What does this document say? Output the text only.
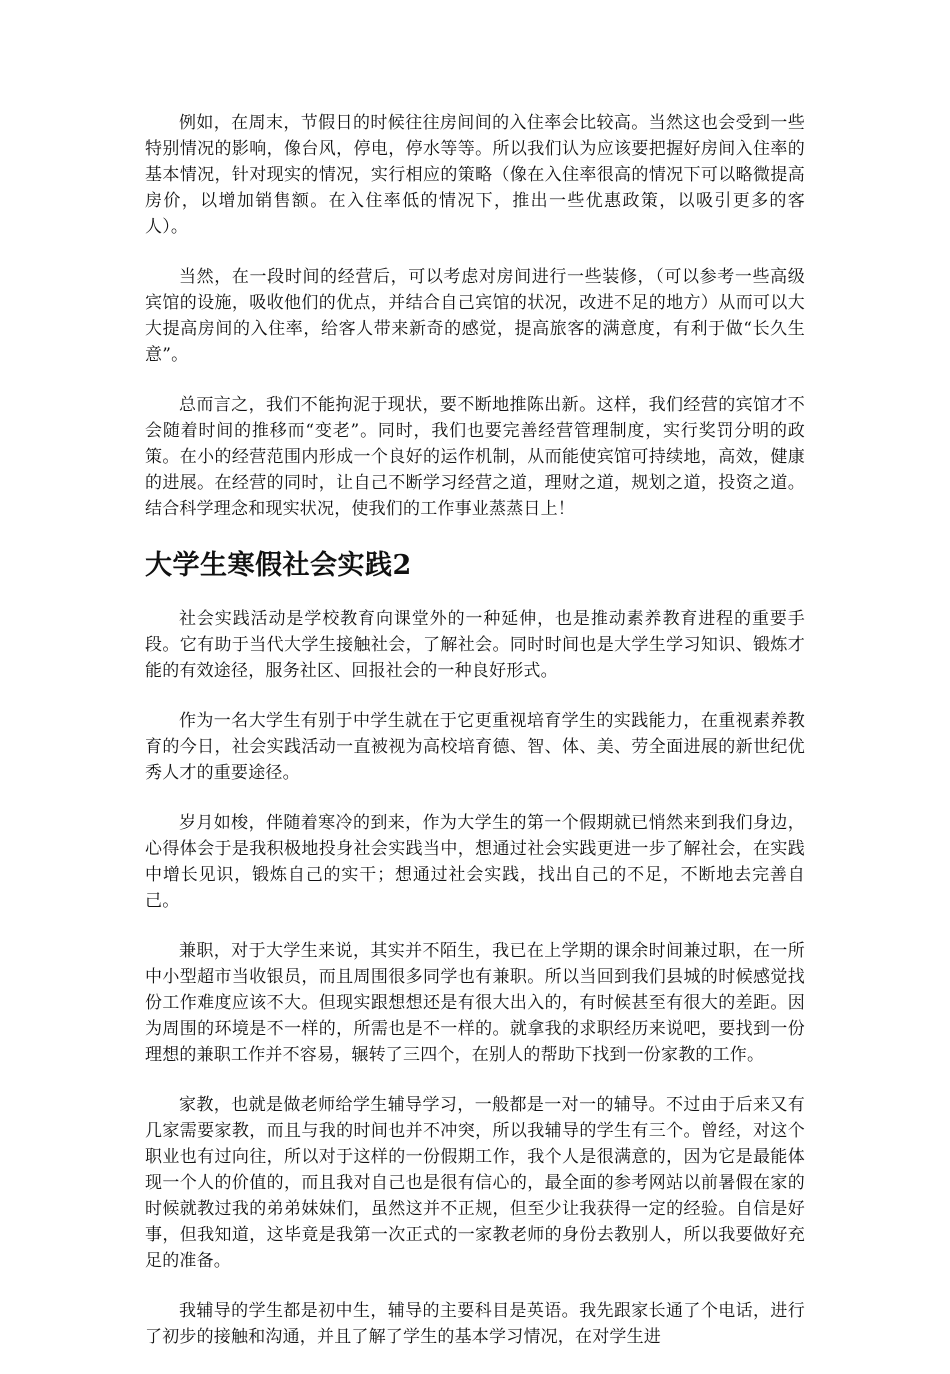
例如，在周末，节假日的时候往往房间间的入住率会比较高。当然这也会受到一些特别情况的影响，像台风，停电，停水等等。所以我们认为应该要把握好房间入住率的基本情况，针对现实的情况，实行相应的策略（像在入住率很高的情况下可以略微提高房价，以增加销售额。在入住率低的情况下，推出一些优惠政策，以吸引更多的客人）。

当然，在一段时间的经营后，可以考虑对房间进行一些装修，（可以参考一些高级宾馆的设施，吸收他们的优点，并结合自己宾馆的状况，改进不足的地方）从而可以大大提高房间的入住率，给客人带来新奇的感觉，提高旅客的满意度，有利于做“长久生意”。

总而言之，我们不能拘泥于现状，要不断地推陈出新。这样，我们经营的宾馆才不会随着时间的推移而“变老”。同时，我们也要完善经营管理制度，实行奖罚分明的政策。在小的经营范围内形成一个良好的运作机制，从而能使宾馆可持续地，高效，健康的进展。在经营的同时，让自己不断学习经营之道，理财之道，规划之道，投资之道。结合科学理念和现实状况，使我们的工作事业蒸蒸日上！

大学生寒假社会实践2

社会实践活动是学校教育向课堂外的一种延伸，也是推动素养教育进程的重要手段。它有助于当代大学生接触社会，了解社会。同时时间也是大学生学习知识、锻炼才能的有效途径，服务社区、回报社会的一种良好形式。

作为一名大学生有别于中学生就在于它更重视培育学生的实践能力，在重视素养教育的今日，社会实践活动一直被视为高校培育德、智、体、美、劳全面进展的新世纪优秀人才的重要途径。

岁月如梭，伴随着寒冷的到来，作为大学生的第一个假期就已悄然来到我们身边，心得体会于是我积极地投身社会实践当中，想通过社会实践更进一步了解社会，在实践中增长见识，锻炼自己的实干；想通过社会实践，找出自己的不足，不断地去完善自己。

兼职，对于大学生来说，其实并不陌生，我已在上学期的课余时间兼过职，在一所中小型超市当收银员，而且周围很多同学也有兼职。所以当回到我们县城的时候感觉找份工作难度应该不大。但现实跟想想还是有很大出入的，有时候甚至有很大的差距。因为周围的环境是不一样的，所需也是不一样的。就拿我的求职经历来说吧，要找到一份理想的兼职工作并不容易，辗转了三四个，在别人的帮助下找到一份家教的工作。

家教，也就是做老师给学生辅导学习，一般都是一对一的辅导。不过由于后来又有几家需要家教，而且与我的时间也并不冲突，所以我辅导的学生有三个。曾经，对这个职业也有过向往，所以对于这样的一份假期工作，我个人是很满意的，因为它是最能体现一个人的价值的，而且我对自己也是很有信心的，最全面的参考网站以前暑假在家的时候就教过我的弟弟妹妹们，虽然这并不正规，但至少让我获得一定的经验。自信是好事，但我知道，这毕竟是我第一次正式的一家教老师的身份去教别人，所以我要做好充足的准备。

我辅导的学生都是初中生，辅导的主要科目是英语。我先跟家长通了个电话，进行了初步的接触和沟通，并且了解了学生的基本学习情况，在对学生进
